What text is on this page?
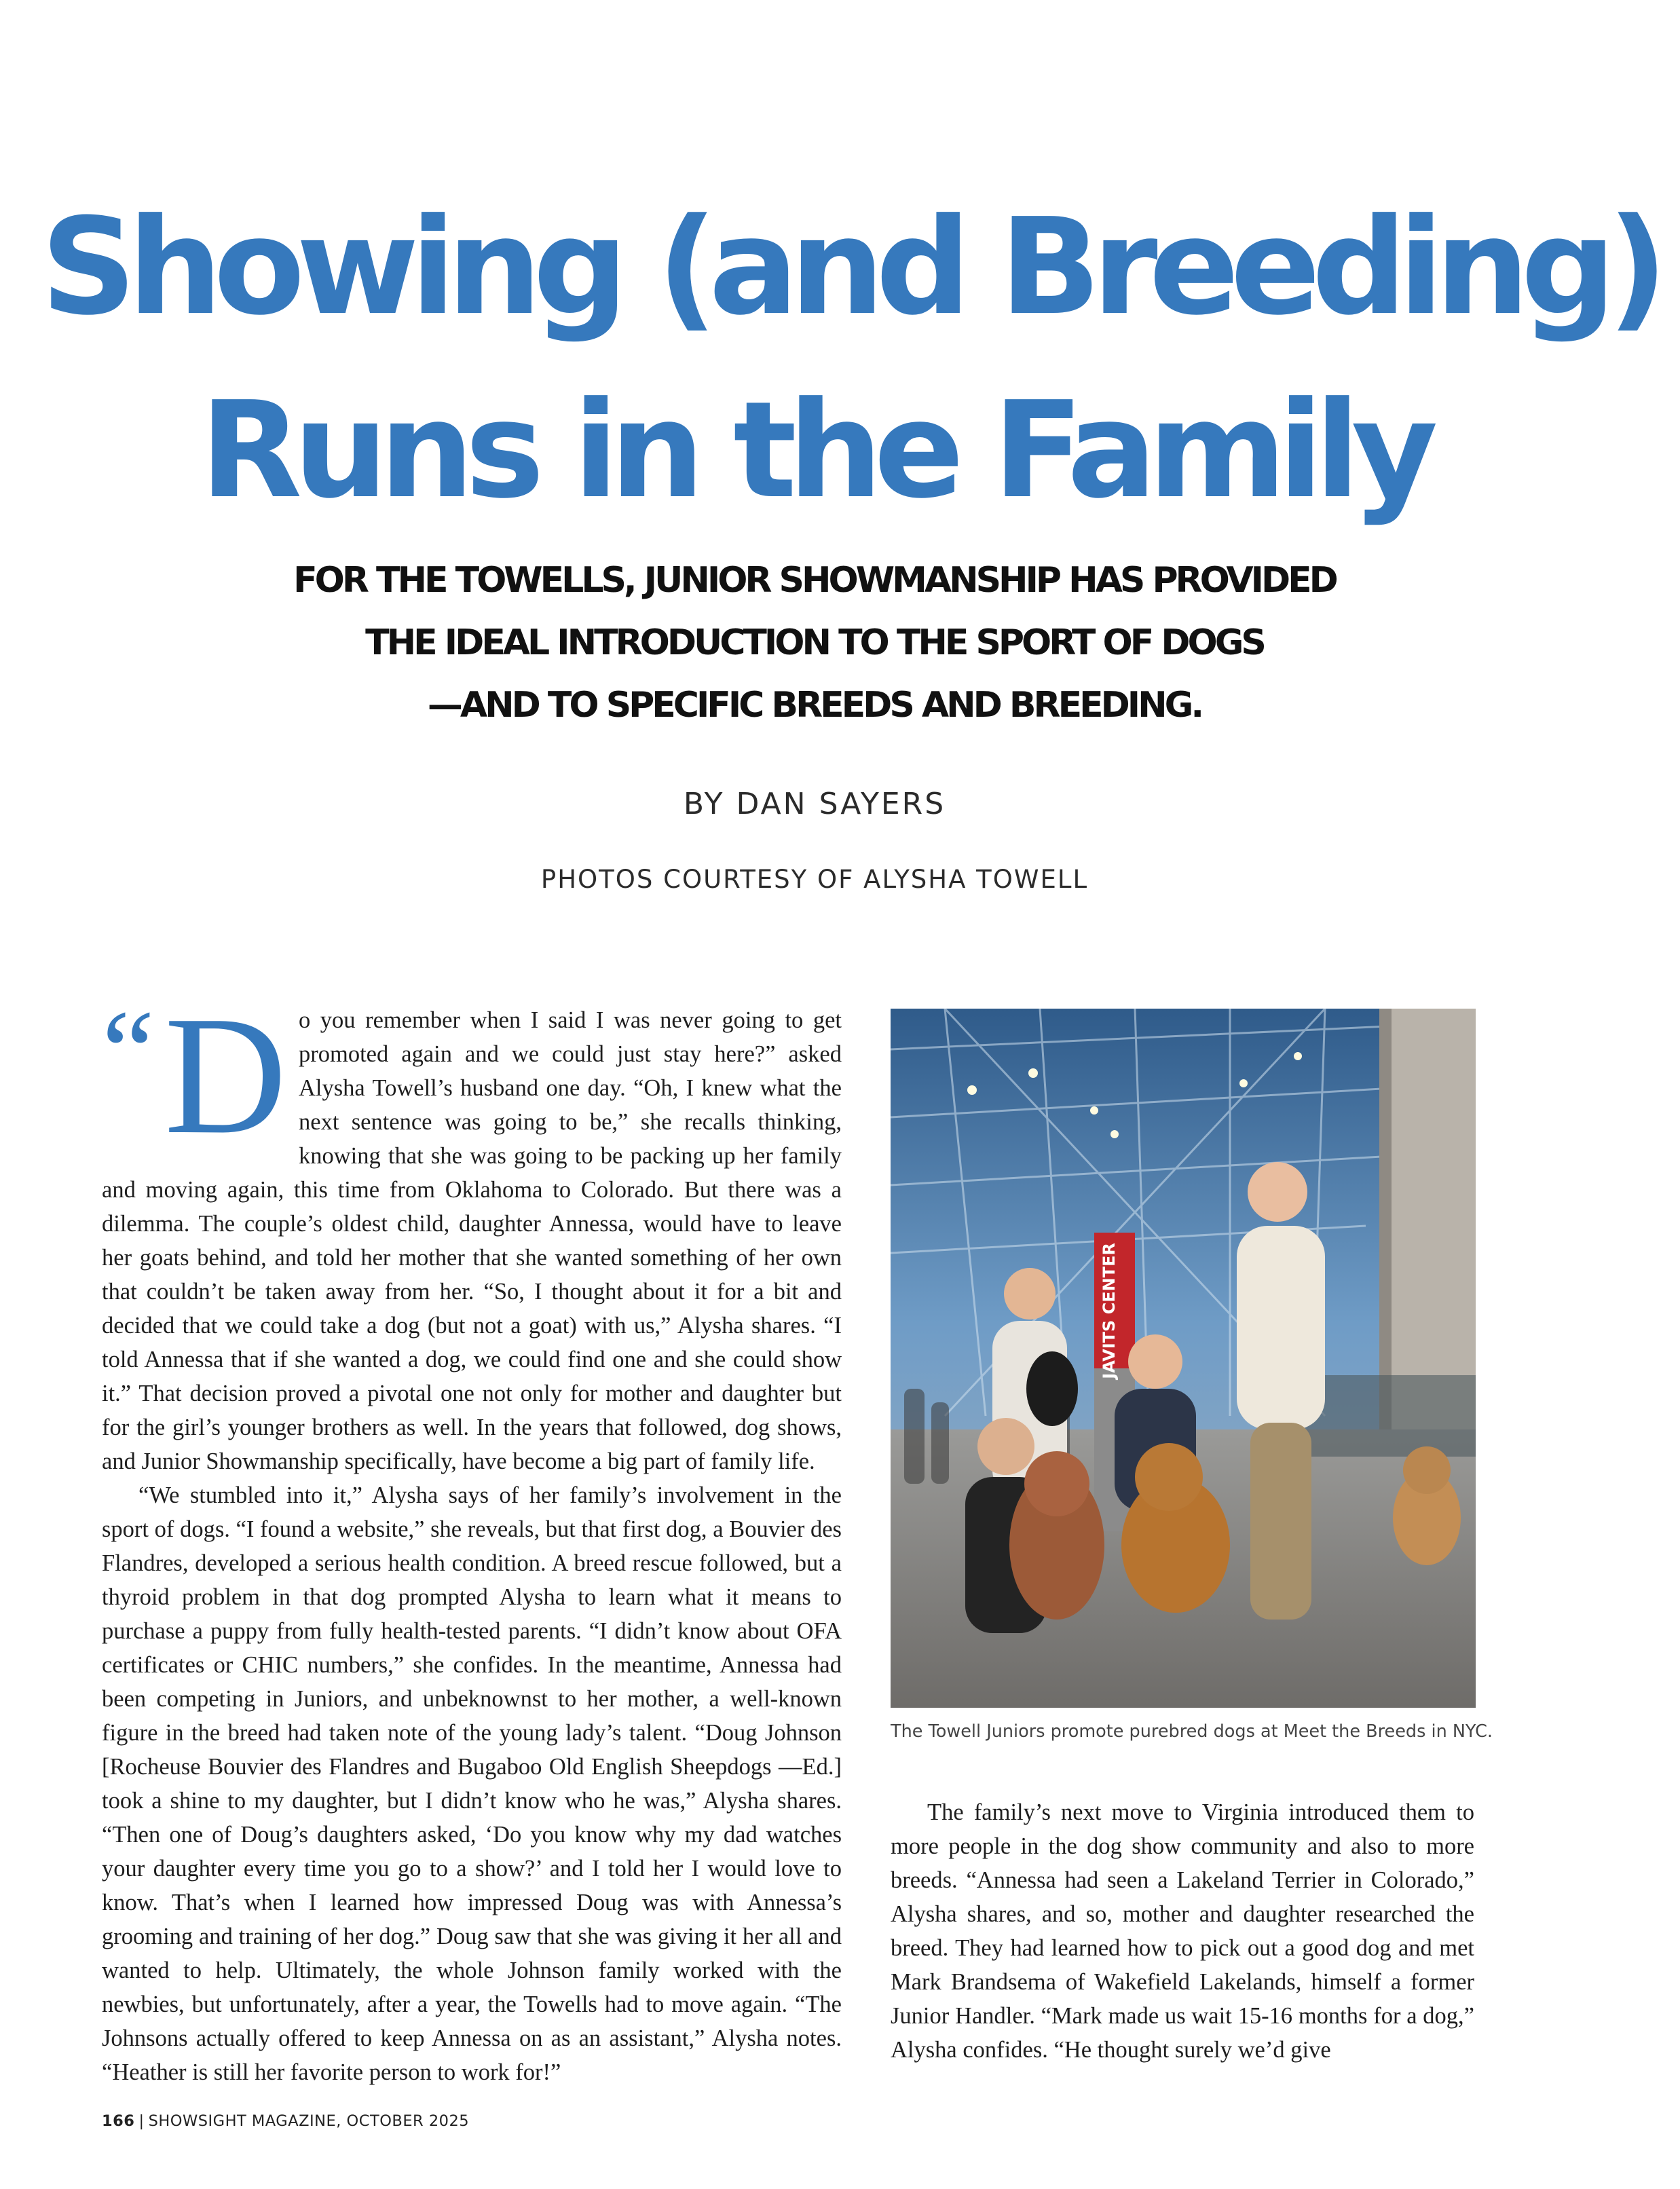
Showing (and Breeding)
Runs in the Family
FOR THE TOWELLS, JUNIOR SHOWMANSHIP HAS PROVIDED
THE IDEAL INTRODUCTION TO THE SPORT OF DOGS
—AND TO SPECIFIC BREEDS AND BREEDING.
BY DAN SAYERS
PHOTOS COURTESY OF ALYSHA TOWELL
“ D o you remember when I said I was never going to get promoted again and we could just stay here?” asked Alysha Towell’s husband one day. “Oh, I knew what the next sentence was going to be,” she recalls thinking, knowing that she was going to be packing up her family and moving again, this time from Oklahoma to Colorado. But there was a dilemma. The couple’s oldest child, daughter Annessa, would have to leave her goats behind, and told her mother that she wanted something of her own that couldn’t be taken away from her. “So, I thought about it for a bit and decided that we could take a dog (but not a goat) with us,” Alysha shares. “I told Annessa that if she wanted a dog, we could find one and she could show it.” That decision proved a pivotal one not only for mother and daughter but for the girl’s younger brothers as well. In the years that followed, dog shows, and Junior Showmanship specifically, have become a big part of family life.

“We stumbled into it,” Alysha says of her family’s involvement in the sport of dogs. “I found a website,” she reveals, but that first dog, a Bouvier des Flandres, developed a serious health condition. A breed rescue followed, but a thyroid problem in that dog prompted Alysha to learn what it means to purchase a puppy from fully health-tested parents. “I didn’t know about OFA certificates or CHIC numbers,” she confides. In the meantime, Annessa had been competing in Juniors, and unbeknownst to her mother, a well-known figure in the breed had taken note of the young lady’s talent. “Doug Johnson [Rocheuse Bouvier des Flandres and Bugaboo Old English Sheepdogs —Ed.] took a shine to my daughter, but I didn’t know who he was,” Alysha shares. “Then one of Doug’s daughters asked, ‘Do you know why my dad watches your daughter every time you go to a show?’ and I told her I would love to know. That’s when I learned how impressed Doug was with Annessa’s grooming and training of her dog.” Doug saw that she was giving it her all and wanted to help. Ultimately, the whole Johnson family worked with the newbies, but unfortunately, after a year, the Towells had to move again. “The Johnsons actually offered to keep Annessa on as an assistant,” Alysha notes. “Heather is still her favorite person to work for!”

JAVITS CENTER
The Towell Juniors promote purebred dogs at Meet the Breeds in NYC.

The family’s next move to Virginia introduced them to more people in the dog show community and also to more breeds. “Annessa had seen a Lakeland Terrier in Colorado,” Alysha shares, and so, mother and daughter researched the breed. They had learned how to pick out a good dog and met Mark Brandsema of Wakefield Lakelands, himself a former Junior Handler. “Mark made us wait 15-16 months for a dog,” Alysha confides. “He thought surely we’d give

166 | SHOWSIGHT MAGAZINE, OCTOBER 2025
